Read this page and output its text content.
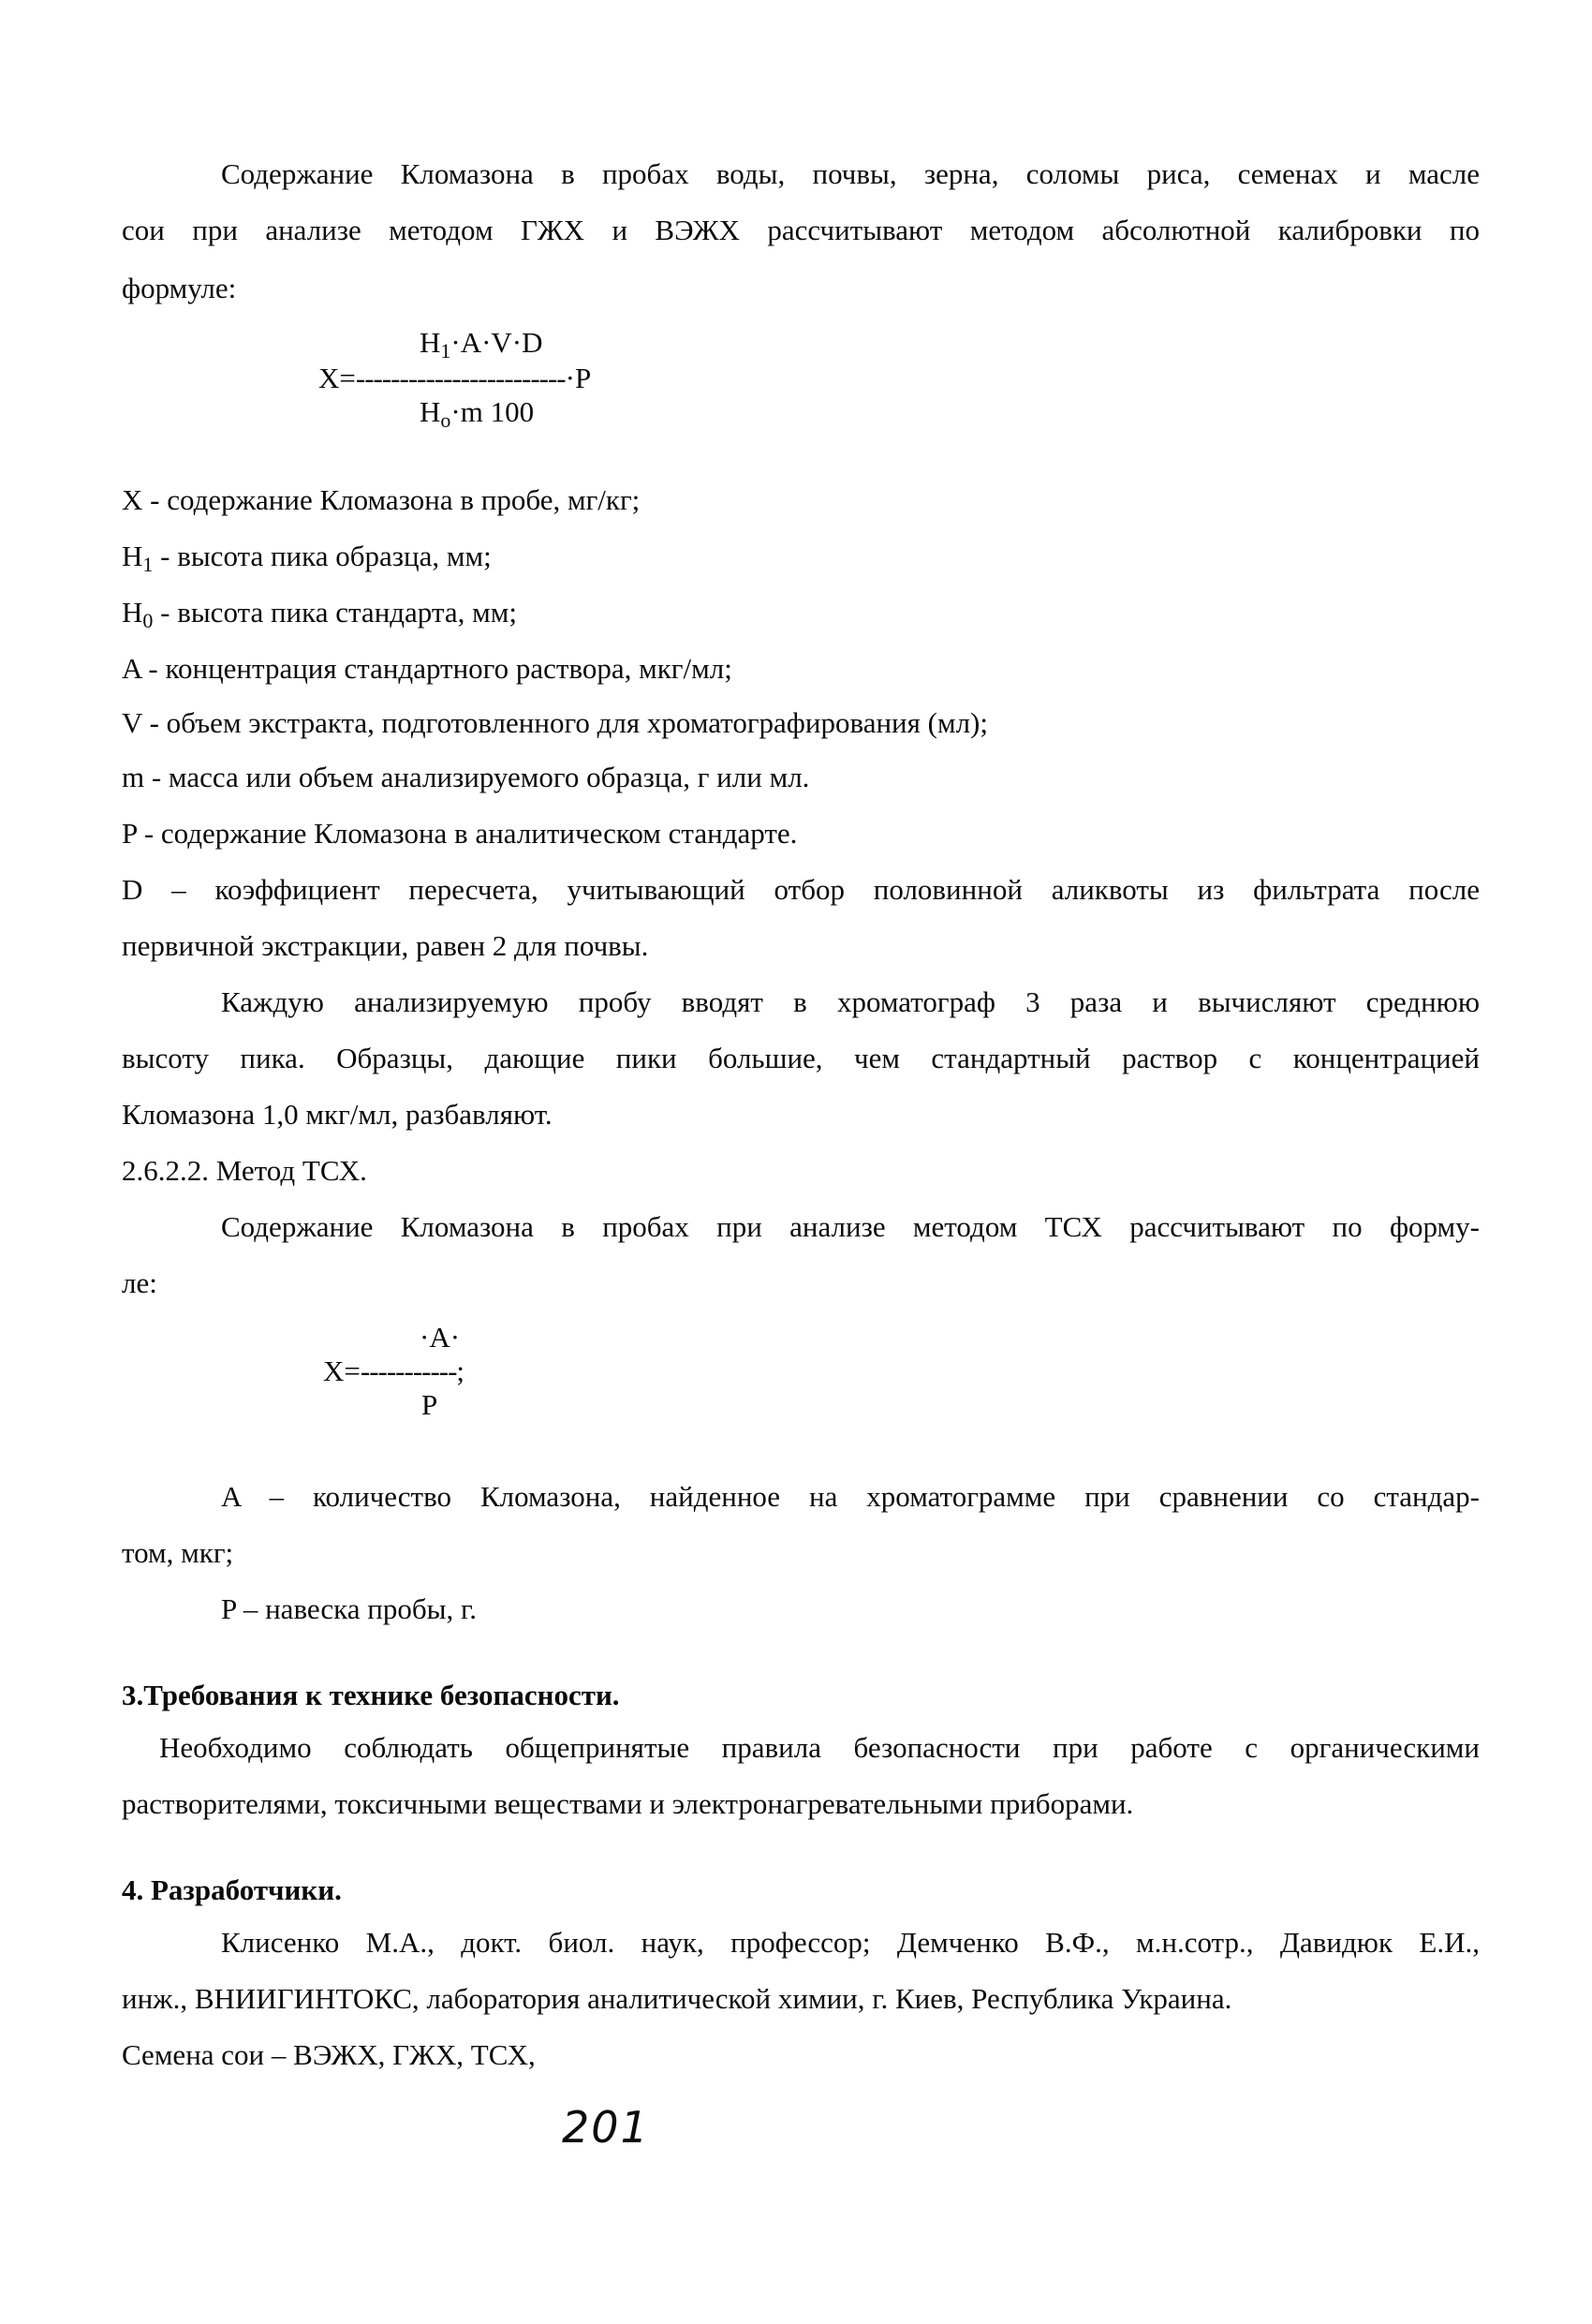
Содержание Кломазона в пробах воды, почвы, зерна, соломы риса, семенах и масле
сои при анализе методом ГЖХ и ВЭЖХ рассчитывают методом абсолютной калибровки по
формуле:
$H_1\cdot A\cdot V\cdot D$
X=------------------------·P
$H_o\cdot m$ 100
X - содержание Кломазона в пробе, мг/кг;
$H_1$ - высота пика образца, мм;
$H_0$ - высота пика стандарта, мм;
A - концентрация стандартного раствора, мкг/мл;
V - объем экстракта, подготовленного для хроматографирования (мл);
m - масса или объем анализируемого образца, г или мл.
P - содержание Кломазона в аналитическом стандарте.
D – коэффициент пересчета, учитывающий отбор половинной аликвоты из фильтрата после
первичной экстракции, равен 2 для почвы.
Каждую анализируемую пробу вводят в хроматограф 3 раза и вычисляют среднюю
высоту пика. Образцы, дающие пики большие, чем стандартный раствор с концентрацией
Кломазона 1,0 мкг/мл, разбавляют.
2.6.2.2. Метод ТСХ.
Содержание Кломазона в пробах при анализе методом ТСХ рассчитывают по форму-
ле:
·A·
X=-----------;
P
A – количество Кломазона, найденное на хроматограмме при сравнении со стандар-
том, мкг;
P – навеска пробы, г.
3.Требования к технике безопасности.
Необходимо соблюдать общепринятые правила безопасности при работе с органическими
растворителями, токсичными веществами и электронагревательными приборами.
4. Разработчики.
Клисенко М.А., докт. биол. наук, профессор; Демченко В.Ф., м.н.сотр., Давидюк Е.И.,
инж., ВНИИГИНТОКС, лаборатория аналитической химии, г. Киев, Республика Украина.
Семена сои – ВЭЖХ, ГЖХ, ТСХ,
201
